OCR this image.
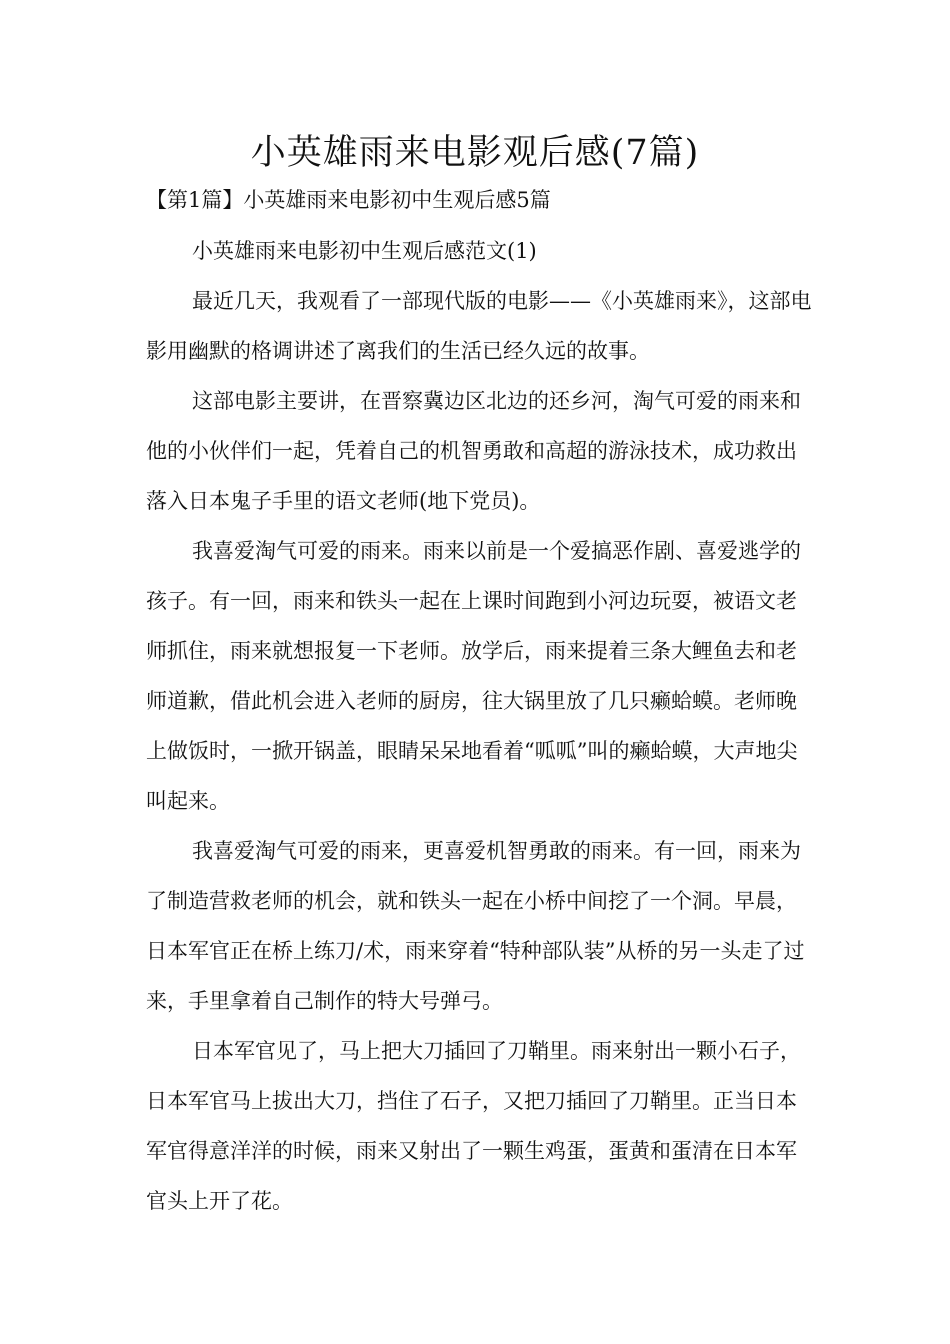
小英雄雨来电影观后感(7篇)
【第1篇】小英雄雨来电影初中生观后感5篇

小英雄雨来电影初中生观后感范文(1)

最近几天，我观看了一部现代版的电影——《小英雄雨来》，这部电影用幽默的格调讲述了离我们的生活已经久远的故事。

这部电影主要讲，在晋察冀边区北边的还乡河，淘气可爱的雨来和他的小伙伴们一起，凭着自己的机智勇敢和高超的游泳技术，成功救出落入日本鬼子手里的语文老师(地下党员)。

我喜爱淘气可爱的雨来。雨来以前是一个爱搞恶作剧、喜爱逃学的孩子。有一回，雨来和铁头一起在上课时间跑到小河边玩耍，被语文老师抓住，雨来就想报复一下老师。放学后，雨来提着三条大鲤鱼去和老师道歉，借此机会进入老师的厨房，往大锅里放了几只癞蛤蟆。老师晚上做饭时，一掀开锅盖，眼睛呆呆地看着“呱呱”叫的癞蛤蟆，大声地尖叫起来。

我喜爱淘气可爱的雨来，更喜爱机智勇敢的雨来。有一回，雨来为了制造营救老师的机会，就和铁头一起在小桥中间挖了一个洞。早晨，日本军官正在桥上练刀/术，雨来穿着“特种部队装”从桥的另一头走了过来，手里拿着自己制作的特大号弹弓。

日本军官见了，马上把大刀插回了刀鞘里。雨来射出一颗小石子，日本军官马上拔出大刀，挡住了石子，又把刀插回了刀鞘里。正当日本军官得意洋洋的时候，雨来又射出了一颗生鸡蛋，蛋黄和蛋清在日本军官头上开了花。
